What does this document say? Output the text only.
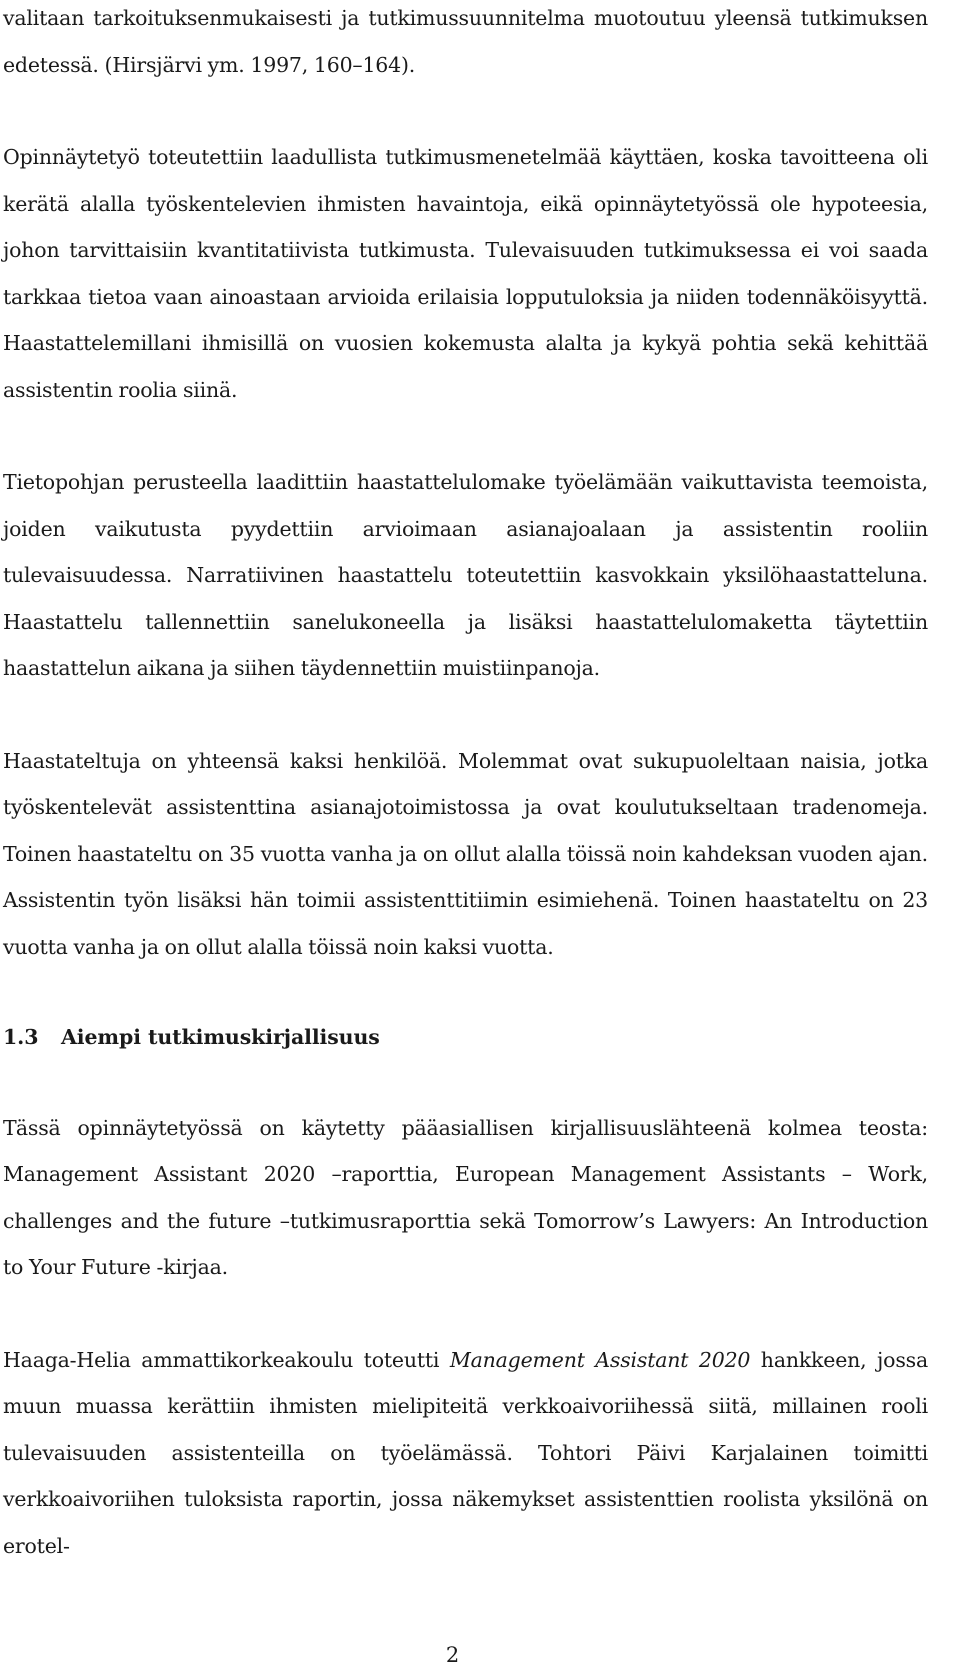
valitaan tarkoituksenmukaisesti ja tutkimussuunnitelma muotoutuu yleensä tutkimuksen edetessä. (Hirsjärvi ym. 1997, 160–164).

Opinnäytetyö toteutettiin laadullista tutkimusmenetelmää käyttäen, koska tavoitteena oli kerätä alalla työskentelevien ihmisten havaintoja, eikä opinnäytetyössä ole hypoteesia, johon tarvittaisiin kvantitatiivista tutkimusta. Tulevaisuuden tutkimuksessa ei voi saada tarkkaa tietoa vaan ainoastaan arvioida erilaisia lopputuloksia ja niiden todennäköisyyttä. Haastattelemillani ihmisillä on vuosien kokemusta alalta ja kykyä pohtia sekä kehittää assistentin roolia siinä.

Tietopohjan perusteella laadittiin haastattelulomake työelämään vaikuttavista teemoista, joiden vaikutusta pyydettiin arvioimaan asianajoalaan ja assistentin rooliin tulevaisuudessa. Narratiivinen haastattelu toteutettiin kasvokkain yksilöhaastatteluna. Haastattelu tallennettiin sanelukoneella ja lisäksi haastattelulomaketta täytettiin haastattelun aikana ja siihen täydennettiin muistiinpanoja.

Haastateltuja on yhteensä kaksi henkilöä. Molemmat ovat sukupuoleltaan naisia, jotka työskentelevät assistenttina asianajotoimistossa ja ovat koulutukseltaan tradenomeja. Toinen haastateltu on 35 vuotta vanha ja on ollut alalla töissä noin kahdeksan vuoden ajan. Assistentin työn lisäksi hän toimii assistenttitiimin esimiehenä. Toinen haastateltu on 23 vuotta vanha ja on ollut alalla töissä noin kaksi vuotta.

1.3	Aiempi tutkimuskirjallisuus

Tässä opinnäytetyössä on käytetty pääasiallisen kirjallisuuslähteenä kolmea teosta: Management Assistant 2020 –raporttia, European Management Assistants – Work, challenges and the future –tutkimusraporttia sekä Tomorrow’s Lawyers: An Introduction to Your Future -kirjaa.

Haaga-Helia ammattikorkeakoulu toteutti Management Assistant 2020 hankkeen, jossa muun muassa kerättiin ihmisten mielipiteitä verkkoaivoriihessä siitä, millainen rooli tulevaisuuden assistenteilla on työelämässä. Tohtori Päivi Karjalainen toimitti verkkoaivoriihen tuloksista raportin, jossa näkemykset assistenttien roolista yksilönä on erotel-

2
